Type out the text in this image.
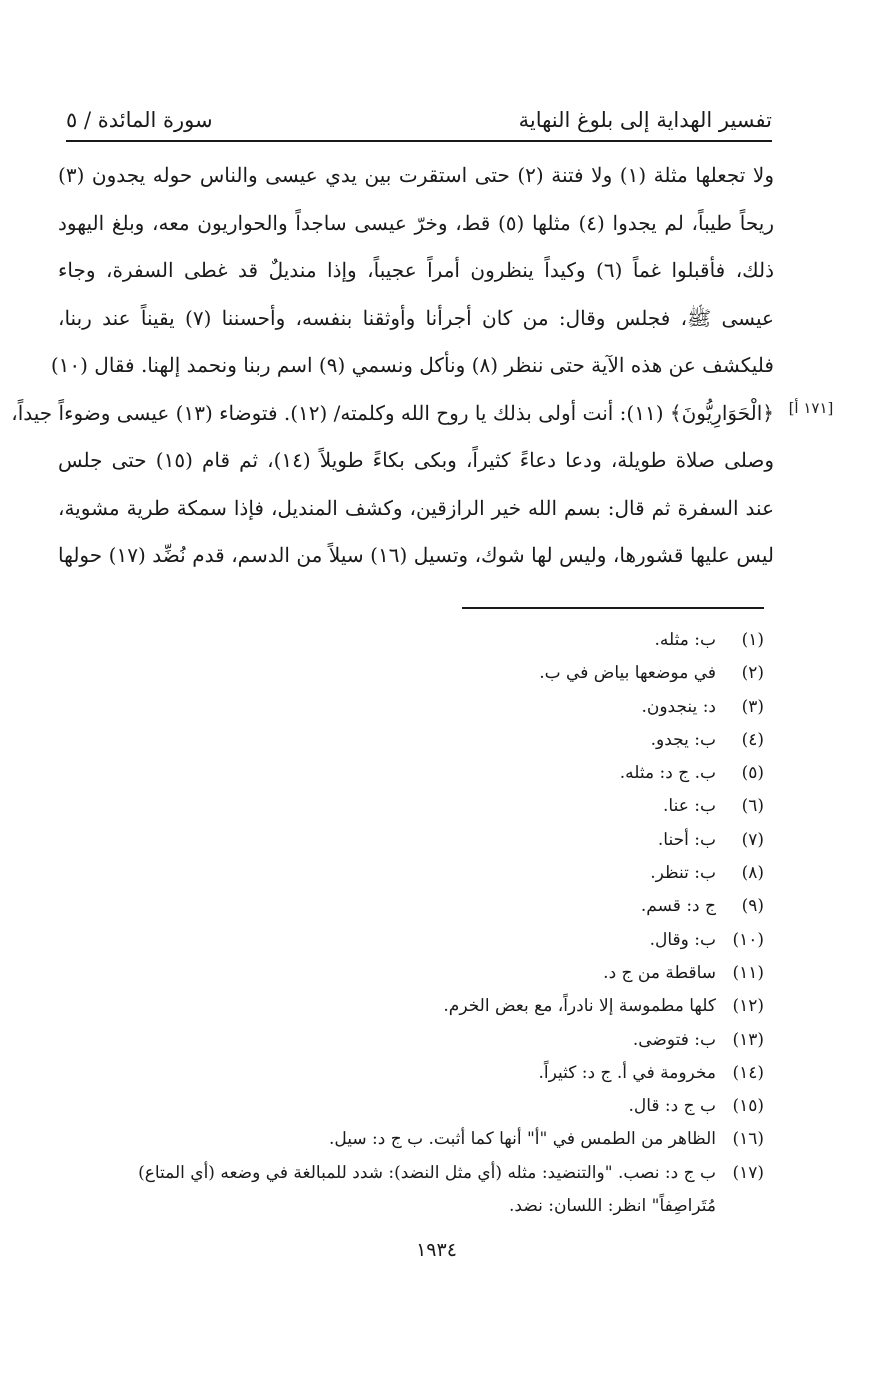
تفسير الهداية إلى بلوغ النهاية
سورة المائدة / ٥
ولا تجعلها مثلة (١) ولا فتنة (٢) حتى استقرت بين يدي عيسى والناس حوله يجدون (٣)
ريحاً طيباً، لم يجدوا (٤) مثلها (٥) قط، وخرّ عيسى ساجداً والحواريون معه، وبلغ اليهود
ذلك، فأقبلوا غماً (٦) وكيداً ينظرون أمراً عجيباً، وإذا منديلٌ قد غطى السفرة، وجاء
عيسى ﷺ، فجلس وقال: من كان أجرأنا وأوثقنا بنفسه، وأحسننا (٧) يقيناً عند ربنا،
فليكشف عن هذه الآية حتى ننظر (٨) ونأكل ونسمي (٩) اسم ربنا ونحمد إلهنا. فقال (١٠)
﴿الْحَوَارِيُّونَ﴾ (١١): أنت أولى بذلك يا روح الله وكلمته/ (١٢). فتوضاء (١٣) عيسى وضوءاً جيداً،
وصلى صلاة طويلة، ودعا دعاءً كثيراً، وبكى بكاءً طويلاً (١٤)، ثم قام (١٥) حتى جلس
عند السفرة ثم قال: بسم الله خير الرازقين، وكشف المنديل، فإذا سمكة طرية مشوية،
ليس عليها قشورها، وليس لها شوك، وتسيل (١٦) سيلاً من الدسم، قدم نُضِّد (١٧) حولها
[١٧١ أ]
(١)
ب: مثله.
(٢)
في موضعها بياض في ب.
(٣)
د: ينجدون.
(٤)
ب: يجدو.
(٥)
ب. ج د: مثله.
(٦)
ب: عنا.
(٧)
ب: أحنا.
(٨)
ب: تنظر.
(٩)
ج د: قسم.
(١٠)
ب: وقال.
(١١)
ساقطة من ج د.
(١٢)
كلها مطموسة إلا نادراً، مع بعض الخرم.
(١٣)
ب: فتوضى.
(١٤)
مخرومة في أ. ج د: كثيراً.
(١٥)
ب ج د: قال.
(١٦)
الظاهر من الطمس في "أ" أنها كما أثبت. ب ج د: سيل.
(١٧)
ب ج د: نصب. "والتنضيد: مثله (أي مثل النضد): شدد للمبالغة في وضعه (أي المتاع)
مُتَراصِفاً" انظر: اللسان: نضد.
١٩٣٤
